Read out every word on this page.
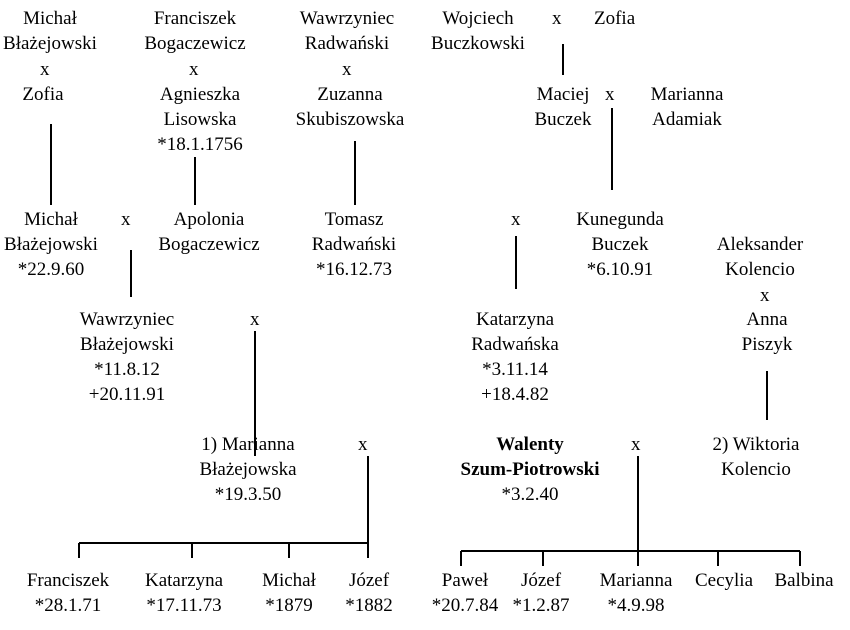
Michał
Błażejowski
x
Zofia
Franciszek
Bogaczewicz
x
Agnieszka
Lisowska
*18.1.1756
Wawrzyniec
Radwański
x
Zuzanna
Skubiszowska
Wojciech
Buczkowski
x Zofia
Maciej
Buczek
x	Marianna
Adamiak
Michał
Błażejowski
*22.9.60
x	Apolonia
Bogaczewicz
Tomasz
Radwański
*16.12.73
x	Kunegunda
Buczek
*6.10.91
Aleksander
Kolencio
x
Anna
Piszyk
Wawrzyniec
Błażejowski
*11.8.12
+20.11.91
x	Katarzyna
Radwańska
*3.11.14
+18.4.82
1) Marianna
Błażejowska
*19.3.50
x	Walenty
Szum-Piotrowski
*3.2.40
x	2) Wiktoria
Kolencio
Franciszek
*28.1.71
Katarzyna
*17.11.73
Michał
*1879
Józef
*1882
Paweł
*20.7.84
Józef
*1.2.87
Marianna
*4.9.98
Cecylia	Balbina
